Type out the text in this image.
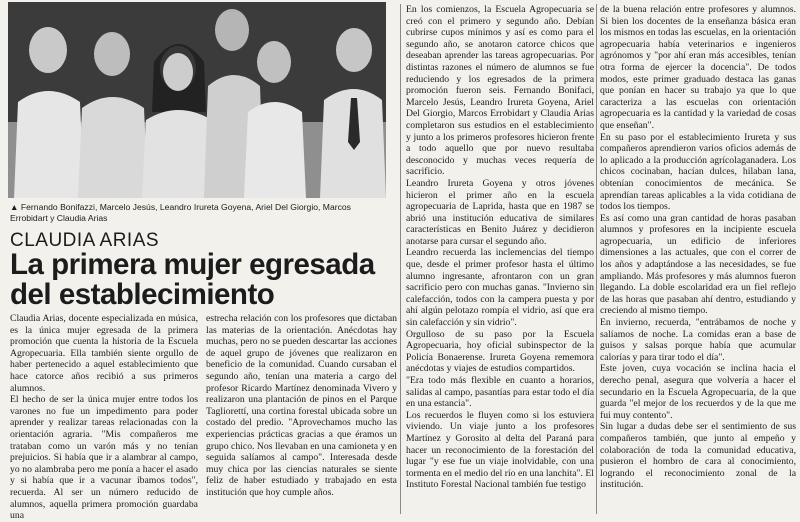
▲ Fernando Bonifazzi, Marcelo Jesús, Leandro Irureta Goyena, Ariel Del Giorgio, Marcos Errobidart y Claudia Arias
CLAUDIA ARIAS
La primera mujer egresada del establecimiento

Claudia Arias, docente especializada en música, es la única mujer egresada de la primera promoción que cuenta la historia de la Escuela Agropecuaria. Ella también siente orgullo de haber pertenecido a aquel establecimiento que hace catorce años recibió a sus primeros alumnos.

El hecho de ser la única mujer entre todos los varones no fue un impedimento para poder aprender y realizar tareas relacionadas con la orientación agraria. "Mis compañeros me trataban como un varón más y no tenían prejuicios. Si había que ir a alambrar al campo, yo no alambraba pero me ponía a hacer el asado y si había que ir a vacunar íbamos todos", recuerda. Al ser un número reducido de alumnos, aquella primera promoción guardaba una

estrecha relación con los profesores que dictaban las materias de la orientación. Anécdotas hay muchas, pero no se pueden descartar las acciones de aquel grupo de jóvenes que realizaron en beneficio de la comunidad. Cuando cursaban el segundo año, tenían una materia a cargo del profesor Ricardo Martínez denominada Vivero y realizaron una plantación de pinos en el Parque Tagliorettí, una cortina forestal ubicada sobre un costado del predio. "Aprovechamos mucho las experiencias prácticas gracias a que éramos un grupo chico. Nos llevaban en una camioneta y en seguida salíamos al campo". Interesada desde muy chica por las ciencias naturales se siente feliz de haber estudiado y trabajado en esta institución que hoy cumple años.

En los comienzos, la Escuela Agropecuaria se creó con el primero y segundo año. Debían cubrirse cupos mínimos y así es como para el segundo año, se anotaron catorce chicos que deseaban aprender las tareas agropecuarias. Por distintas razones el número de alumnos se fue reduciendo y los egresados de la primera promoción fueron seis. Fernando Bonifaci, Marcelo Jesús, Leandro Irureta Goyena, Ariel Del Giorgio, Marcos Errobidart y Claudia Arias completaron sus estudios en el establecimiento y junto a los primeros profesores hicieron frente a todo aquello que por nuevo resultaba desconocido y muchas veces requería de sacrificio.

Leandro Irureta Goyena y otros jóvenes hicieron el primer año en la escuela agropecuaria de Laprida, hasta que en 1987 se abrió una institución educativa de similares características en Benito Juárez y decidieron anotarse para cursar el segundo año.

Leandro recuerda las inclemencias del tiempo que, desde el primer profesor hasta el último alumno ingresante, afrontaron con un gran sacrificio pero con muchas ganas. "Invierno sin calefacción, todos con la campera puesta y por ahí algún pelotazo rompía el vidrio, así que era sin calefacción y sin vidrio".

Orgulloso de su paso por la Escuela Agropecuaria, hoy oficial subinspector de la Policía Bonaerense. Irureta Goyena rememora anécdotas y viajes de estudios compartidos.

"Era todo más flexible en cuanto a horarios, salidas al campo, pasantías para estar todo el día en una estancia".

Los recuerdos le fluyen como si los estuviera viviendo. Un viaje junto a los profesores Martínez y Gorosito al delta del Paraná para hacer un reconocimiento de la forestación del lugar "y ese fue un viaje inolvidable, con una tormenta en el medio del río en una lanchita". El Instituto Forestal Nacional también fue testigo

de la buena relación entre profesores y alumnos. Si bien los docentes de la enseñanza básica eran los mismos en todas las escuelas, en la orientación agropecuaria había veterinarios e ingenieros agrónomos y "por ahí eran más accesibles, tenían otra forma de ejercer la docencia". De todos modos, este primer graduado destaca las ganas que ponían en hacer su trabajo ya que lo que caracteriza a las escuelas con orientación agropecuaria es la cantidad y la variedad de cosas que enseñan".

En su paso por el establecimiento Irureta y sus compañeros aprendieron varios oficios además de lo aplicado a la producción agrícolaganadera. Los chicos cocinaban, hacían dulces, hilaban lana, obtenían conocimientos de mecánica. Se aprendían tareas aplicables a la vida cotidiana de todos los tiempos.

Es así como una gran cantidad de horas pasaban alumnos y profesores en la incipiente escuela agropecuaria, un edificio de inferiores dimensiones a las actuales, que con el correr de los años y adaptándose a las necesidades, se fue ampliando. Más profesores y más alumnos fueron llegando. La doble escolaridad era un fiel reflejo de las horas que pasaban ahí dentro, estudiando y creciendo al mismo tiempo.

En invierno, recuerda, "entrábamos de noche y salíamos de noche. La comidas eran a base de guisos y salsas porque había que acumular calorías y para tirar todo el día".

Este joven, cuya vocación se inclina hacia el derecho penal, asegura que volvería a hacer el secundario en la Escuela Agropecuaria, de la que guarda "el mejor de los recuerdos y de la que me fui muy contento".

Sin lugar a dudas debe ser el sentimiento de sus compañeros también, que junto al empeño y colaboración de toda la comunidad educativa, pusieron el hombro de cara al conocimiento, logrando el reconocimiento zonal de la institución.
